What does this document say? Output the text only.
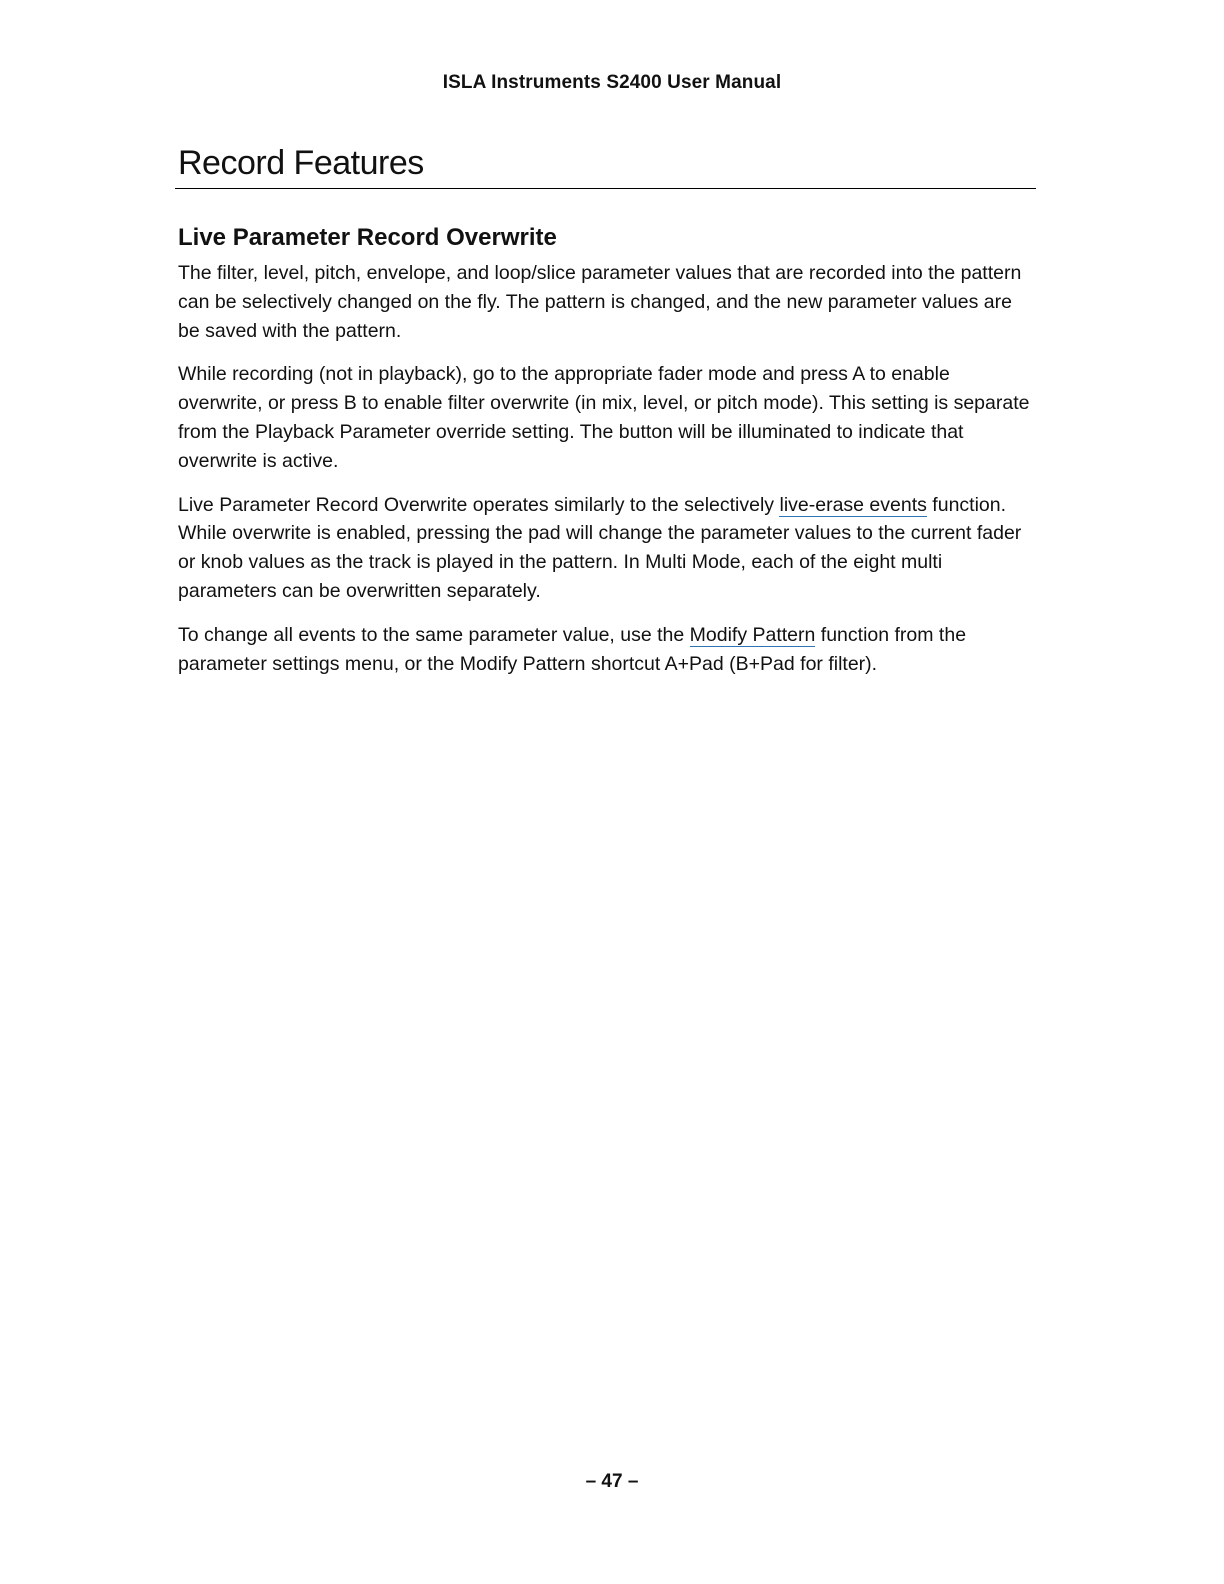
ISLA Instruments S2400 User Manual
Record Features
Live Parameter Record Overwrite

The filter, level, pitch, envelope, and loop/slice parameter values that are recorded into the pattern can be selectively changed on the fly. The pattern is changed, and the new parameter values are be saved with the pattern.

While recording (not in playback), go to the appropriate fader mode and press A to enable overwrite, or press B to enable filter overwrite (in mix, level, or pitch mode). This setting is separate from the Playback Parameter override setting. The button will be illuminated to indicate that overwrite is active.

Live Parameter Record Overwrite operates similarly to the selectively live-erase events function. While overwrite is enabled, pressing the pad will change the parameter values to the current fader or knob values as the track is played in the pattern. In Multi Mode, each of the eight multi parameters can be overwritten separately.

To change all events to the same parameter value, use the Modify Pattern function from the parameter settings menu, or the Modify Pattern shortcut A+Pad (B+Pad for filter).

– 47 –
